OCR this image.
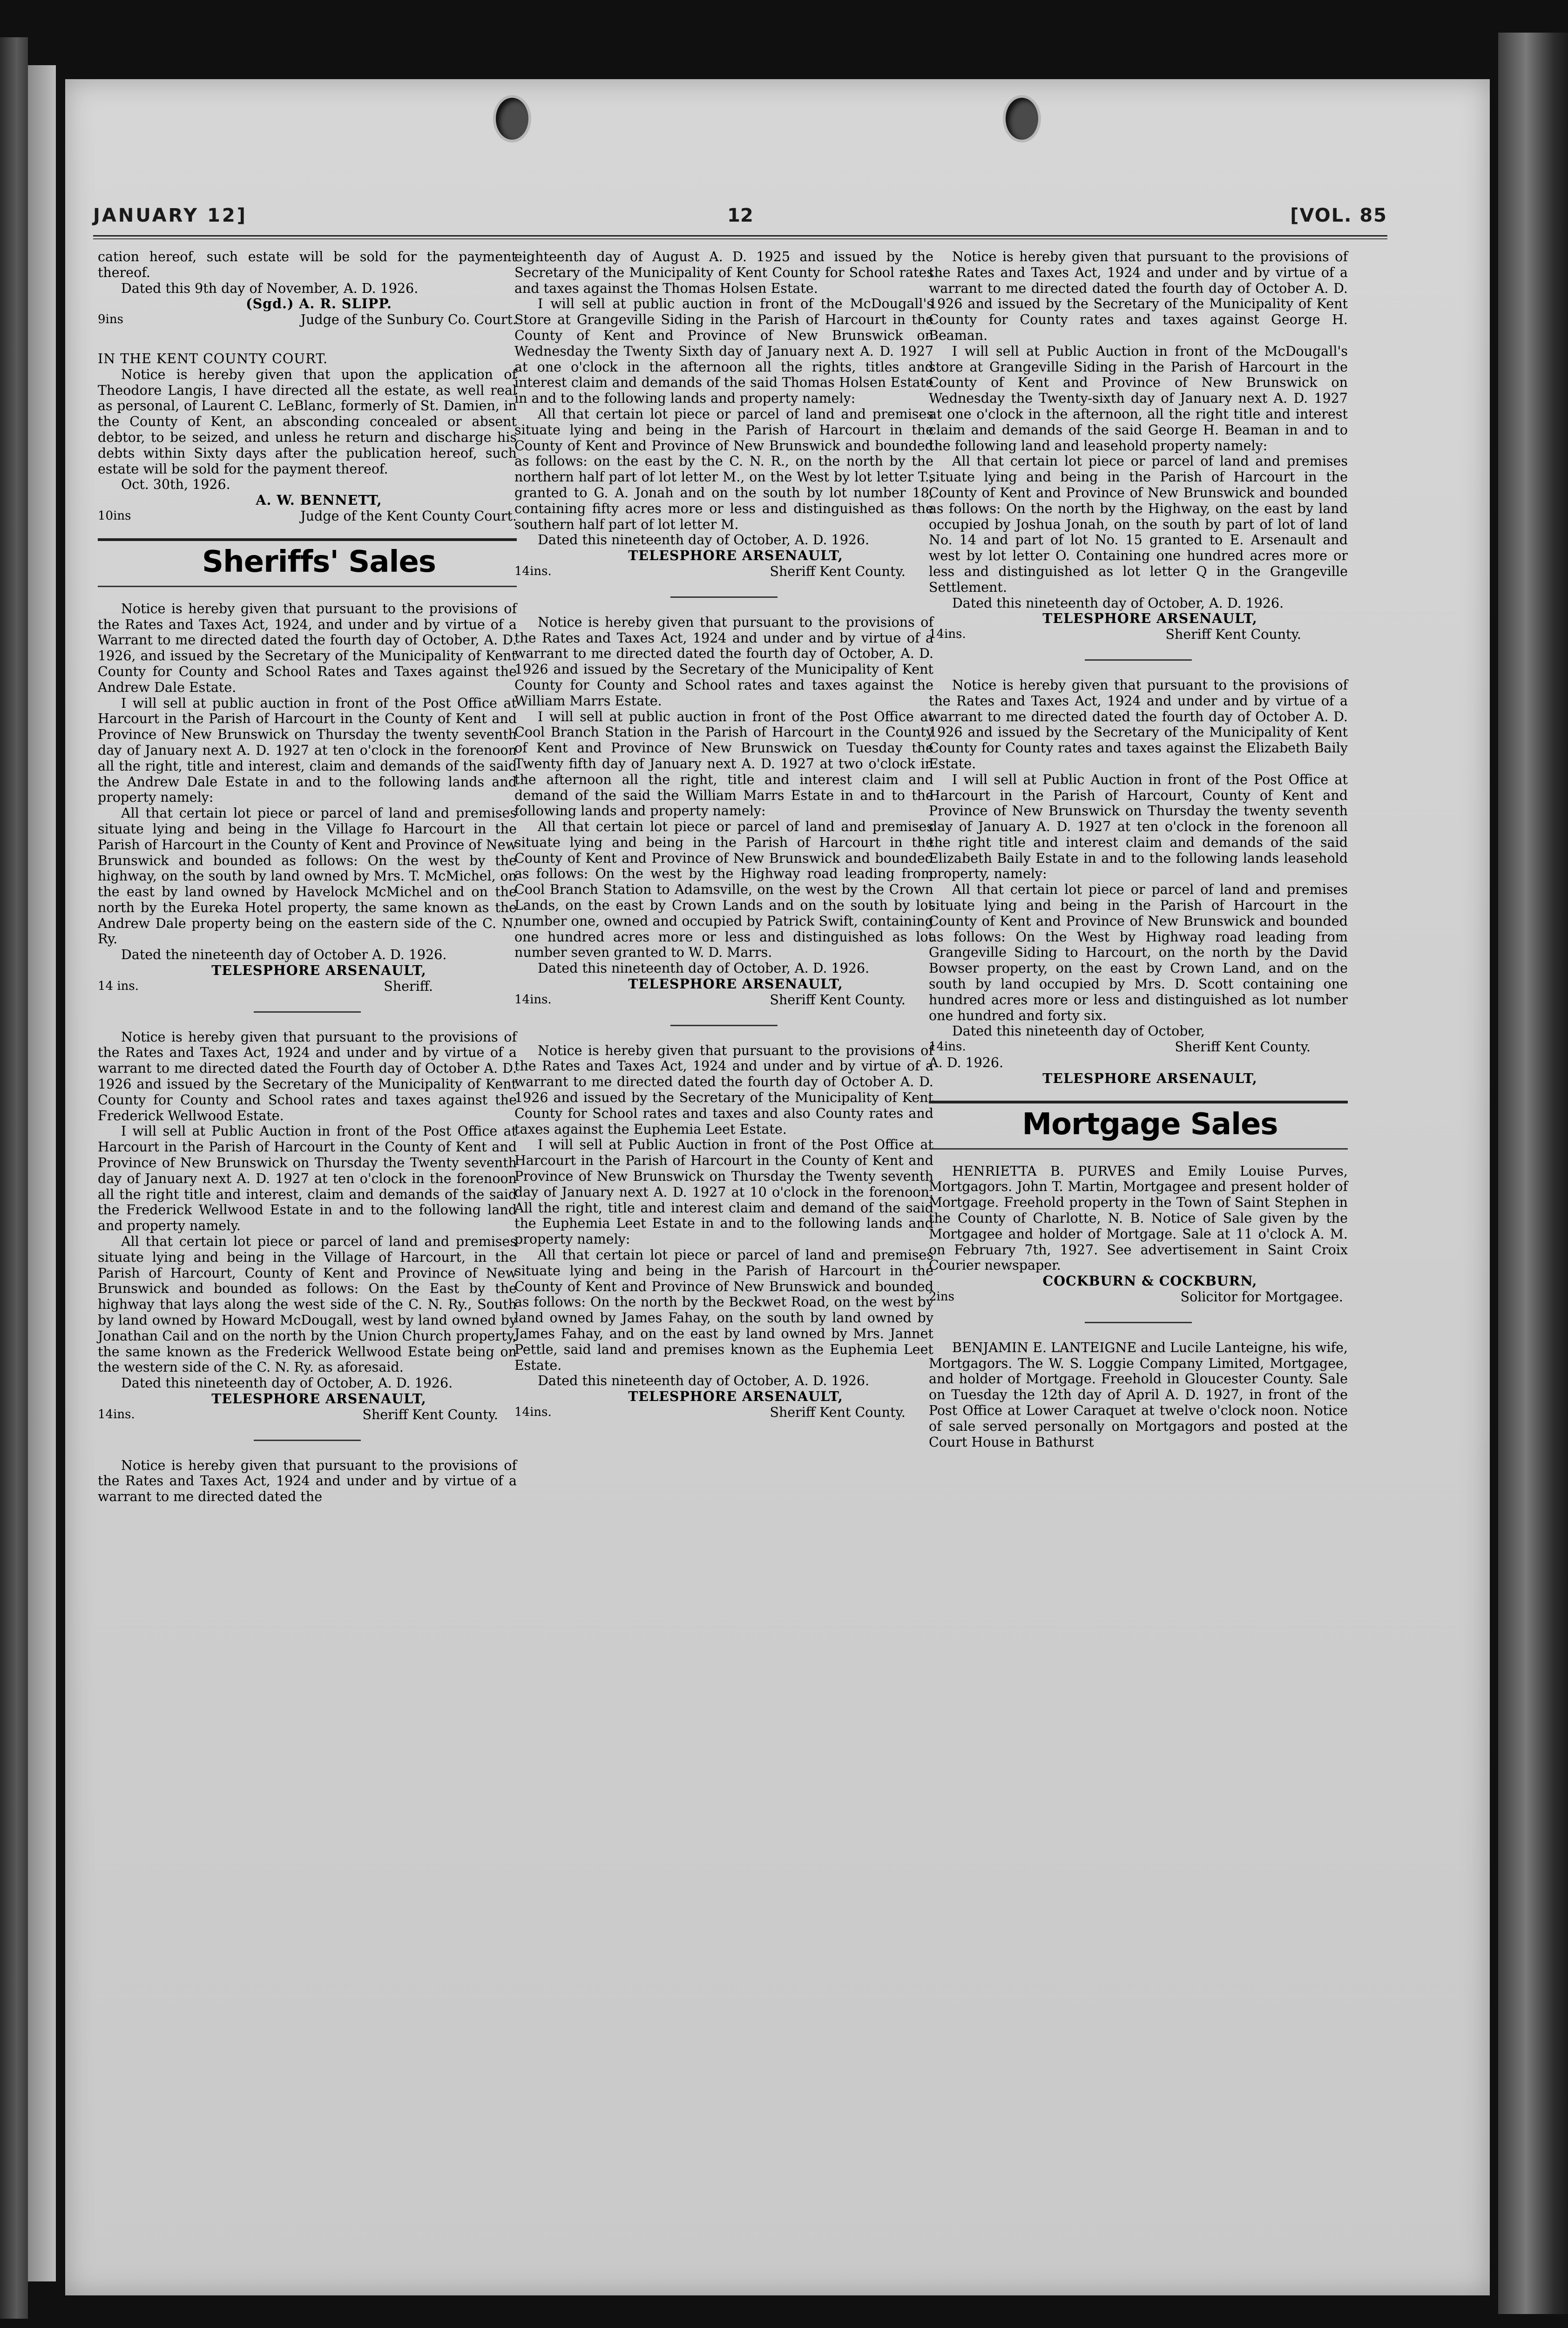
JANUARY 12]	12	[VOL. 85

cation hereof, such estate will be sold for the payment thereof.

Dated this 9th day of November, A. D. 1926.

(Sgd.) A. R. SLIPP.

9ins	Judge of the Sunbury Co. Court.

IN THE KENT COUNTY COURT.

Notice is hereby given that upon the application of Theodore Langis, I have directed all the estate, as well real as personal, of Laurent C. LeBlanc, formerly of St. Damien, in the County of Kent, an absconding concealed or absent debtor, to be seized, and unless he return and discharge his debts within Sixty days after the publication hereof, such estate will be sold for the payment thereof.

Oct. 30th, 1926.

A. W. BENNETT,

10ins	Judge of the Kent County Court.

Sheriffs' Sales

Notice is hereby given that pursuant to the provisions of the Rates and Taxes Act, 1924, and under and by virtue of a Warrant to me directed dated the fourth day of October, A. D. 1926, and issued by the Secretary of the Municipality of Kent County for County and School Rates and Taxes against the Andrew Dale Estate.

I will sell at public auction in front of the Post Office at Harcourt in the Parish of Harcourt in the County of Kent and Province of New Brunswick on Thursday the twenty seventh day of January next A. D. 1927 at ten o'clock in the forenoon all the right, title and interest, claim and demands of the said the Andrew Dale Estate in and to the following lands and property namely:

All that certain lot piece or parcel of land and premises situate lying and being in the Village fo Harcourt in the Parish of Harcourt in the County of Kent and Province of New Brunswick and bounded as follows: On the west by the highway, on the south by land owned by Mrs. T. McMichel, on the east by land owned by Havelock McMichel and on the north by the Eureka Hotel property, the same known as the Andrew Dale property being on the eastern side of the C. N. Ry.

Dated the nineteenth day of October A. D. 1926.

TELESPHORE ARSENAULT,

14 ins.	Sheriff.

Notice is hereby given that pursuant to the provisions of the Rates and Taxes Act, 1924 and under and by virtue of a warrant to me directed dated the Fourth day of October A. D. 1926 and issued by the Secretary of the Municipality of Kent County for County and School rates and taxes against the Frederick Wellwood Estate.

I will sell at Public Auction in front of the Post Office at Harcourt in the Parish of Harcourt in the County of Kent and Province of New Brunswick on Thursday the Twenty seventh day of January next A. D. 1927 at ten o'clock in the forenoon all the right title and interest, claim and demands of the said the Frederick Wellwood Estate in and to the following land and property namely.

All that certain lot piece or parcel of land and premises situate lying and being in the Village of Harcourt, in the Parish of Harcourt, County of Kent and Province of New Brunswick and bounded as follows: On the East by the highway that lays along the west side of the C. N. Ry., South by land owned by Howard McDougall, west by land owned by Jonathan Cail and on the north by the Union Church property, the same known as the Frederick Wellwood Estate being on the western side of the C. N. Ry. as aforesaid.

Dated this nineteenth day of October, A. D. 1926.

TELESPHORE ARSENAULT,

14ins.	Sheriff Kent County.

Notice is hereby given that pursuant to the provisions of the Rates and Taxes Act, 1924 and under and by virtue of a warrant to me directed dated the

eighteenth day of August A. D. 1925 and issued by the Secretary of the Municipality of Kent County for School rates and taxes against the Thomas Holsen Estate.

I will sell at public auction in front of the McDougall's Store at Grangeville Siding in the Parish of Harcourt in the County of Kent and Province of New Brunswick on Wednesday the Twenty Sixth day of January next A. D. 1927 at one o'clock in the afternoon all the rights, titles and interest claim and demands of the said Thomas Holsen Estate in and to the following lands and property namely:

All that certain lot piece or parcel of land and premises situate lying and being in the Parish of Harcourt in the County of Kent and Province of New Brunswick and bounded as follows: on the east by the C. N. R., on the north by the northern half part of lot letter M., on the West by lot letter T., granted to G. A. Jonah and on the south by lot number 18, containing fifty acres more or less and distinguished as the southern half part of lot letter M.

Dated this nineteenth day of October, A. D. 1926.

TELESPHORE ARSENAULT,

14ins.	Sheriff Kent County.

Notice is hereby given that pursuant to the provisions of the Rates and Taxes Act, 1924 and under and by virtue of a warrant to me directed dated the fourth day of October, A. D. 1926 and issued by the Secretary of the Municipality of Kent County for County and School rates and taxes against the William Marrs Estate.

I will sell at public auction in front of the Post Office at Cool Branch Station in the Parish of Harcourt in the County of Kent and Province of New Brunswick on Tuesday the Twenty fifth day of January next A. D. 1927 at two o'clock in the afternoon all the right, title and interest claim and demand of the said the William Marrs Estate in and to the following lands and property namely:

All that certain lot piece or parcel of land and premises situate lying and being in the Parish of Harcourt in the County of Kent and Province of New Brunswick and bounded as follows: On the west by the Highway road leading from Cool Branch Station to Adamsville, on the west by the Crown Lands, on the east by Crown Lands and on the south by lot number one, owned and occupied by Patrick Swift, containing one hundred acres more or less and distinguished as lot number seven granted to W. D. Marrs.

Dated this nineteenth day of October, A. D. 1926.

TELESPHORE ARSENAULT,

14ins.	Sheriff Kent County.

Notice is hereby given that pursuant to the provisions of the Rates and Taxes Act, 1924 and under and by virtue of a warrant to me directed dated the fourth day of October A. D. 1926 and issued by the Secretary of the Municipality of Kent County for School rates and taxes and also County rates and taxes against the Euphemia Leet Estate.

I will sell at Public Auction in front of the Post Office at Harcourt in the Parish of Harcourt in the County of Kent and Province of New Brunswick on Thursday the Twenty seventh day of January next A. D. 1927 at 10 o'clock in the forenoon. All the right, title and interest claim and demand of the said the Euphemia Leet Estate in and to the following lands and property namely:

All that certain lot piece or parcel of land and premises situate lying and being in the Parish of Harcourt in the County of Kent and Province of New Brunswick and bounded as follows: On the north by the Beckwet Road, on the west by land owned by James Fahay, on the south by land owned by James Fahay, and on the east by land owned by Mrs. Jannet Pettle, said land and premises known as the Euphemia Leet Estate.

Dated this nineteenth day of October, A. D. 1926.

TELESPHORE ARSENAULT,

14ins.	Sheriff Kent County.

Notice is hereby given that pursuant to the provisions of the Rates and Taxes Act, 1924 and under and by virtue of a warrant to me directed dated the fourth day of October A. D. 1926 and issued by the Secretary of the Municipality of Kent County for County rates and taxes against George H. Beaman.

I will sell at Public Auction in front of the McDougall's store at Grangeville Siding in the Parish of Harcourt in the County of Kent and Province of New Brunswick on Wednesday the Twenty-sixth day of January next A. D. 1927 at one o'clock in the afternoon, all the right title and interest claim and demands of the said George H. Beaman in and to the following land and leasehold property namely:

All that certain lot piece or parcel of land and premises situate lying and being in the Parish of Harcourt in the County of Kent and Province of New Brunswick and bounded as follows: On the north by the Highway, on the east by land occupied by Joshua Jonah, on the south by part of lot of land No. 14 and part of lot No. 15 granted to E. Arsenault and west by lot letter O. Containing one hundred acres more or less and distinguished as lot letter Q in the Grangeville Settlement.

Dated this nineteenth day of October, A. D. 1926.

TELESPHORE ARSENAULT,

14ins.	Sheriff Kent County.

Notice is hereby given that pursuant to the provisions of the Rates and Taxes Act, 1924 and under and by virtue of a warrant to me directed dated the fourth day of October A. D. 1926 and issued by the Secretary of the Municipality of Kent County for County rates and taxes against the Elizabeth Baily Estate.

I will sell at Public Auction in front of the Post Office at Harcourt in the Parish of Harcourt, County of Kent and Province of New Brunswick on Thursday the twenty seventh day of January A. D. 1927 at ten o'clock in the forenoon all the right title and interest claim and demands of the said Elizabeth Baily Estate in and to the following lands leasehold property, namely:

All that certain lot piece or parcel of land and premises situate lying and being in the Parish of Harcourt in the County of Kent and Province of New Brunswick and bounded as follows: On the West by Highway road leading from Grangeville Siding to Harcourt, on the north by the David Bowser property, on the east by Crown Land, and on the south by land occupied by Mrs. D. Scott containing one hundred acres more or less and distinguished as lot number one hundred and forty six.

Dated this nineteenth day of October,

14ins.	Sheriff Kent County.

A. D. 1926.

TELESPHORE ARSENAULT,

Mortgage Sales

HENRIETTA B. PURVES and Emily Louise Purves, Mortgagors. John T. Martin, Mortgagee and present holder of Mortgage. Freehold property in the Town of Saint Stephen in the County of Charlotte, N. B. Notice of Sale given by the Mortgagee and holder of Mortgage. Sale at 11 o'clock A. M. on February 7th, 1927. See advertisement in Saint Croix Courier newspaper.

COCKBURN & COCKBURN,

2ins	Solicitor for Mortgagee.

BENJAMIN E. LANTEIGNE and Lucile Lanteigne, his wife, Mortgagors. The W. S. Loggie Company Limited, Mortgagee, and holder of Mortgage. Freehold in Gloucester County. Sale on Tuesday the 12th day of April A. D. 1927, in front of the Post Office at Lower Caraquet at twelve o'clock noon. Notice of sale served personally on Mortgagors and posted at the Court House in Bathurst
